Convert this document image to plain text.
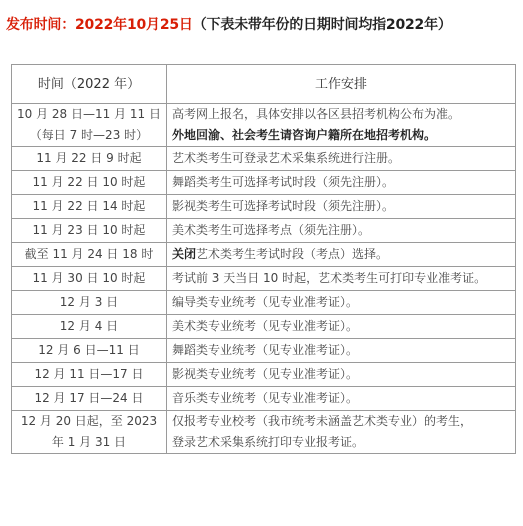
发布时间：2022年10月25日（下表未带年份的日期时间均指2022年）
时间（2022 年）	工作安排

10 月 28 日—11 月 11 日
（每日 7 时—23 时）	高考网上报名，具体安排以各区县招考机构公布为准。
外地回渝、社会考生请咨询户籍所在地招考机构。

11 月 22 日 9 时起	艺术类考生可登录艺术采集系统进行注册。
11 月 22 日 10 时起	舞蹈类考生可选择考试时段（须先注册）。
11 月 22 日 14 时起	影视类考生可选择考试时段（须先注册）。
11 月 23 日 10 时起	美术类考生可选择考点（须先注册）。
截至 11 月 24 日 18 时	关闭艺术类考生考试时段（考点）选择。
11 月 30 日 10 时起	考试前 3 天当日 10 时起，艺术类考生可打印专业准考证。
12 月 3 日	编导类专业统考（见专业准考证）。
12 月 4 日	美术类专业统考（见专业准考证）。
12 月 6 日—11 日	舞蹈类专业统考（见专业准考证）。
12 月 11 日—17 日	影视类专业统考（见专业准考证）。
12 月 17 日—24 日	音乐类专业统考（见专业准考证）。

12 月 20 日起，至 2023
年 1 月 31 日	仅报考专业校考（我市统考未涵盖艺术类专业）的考生，
登录艺术采集系统打印专业报考证。
